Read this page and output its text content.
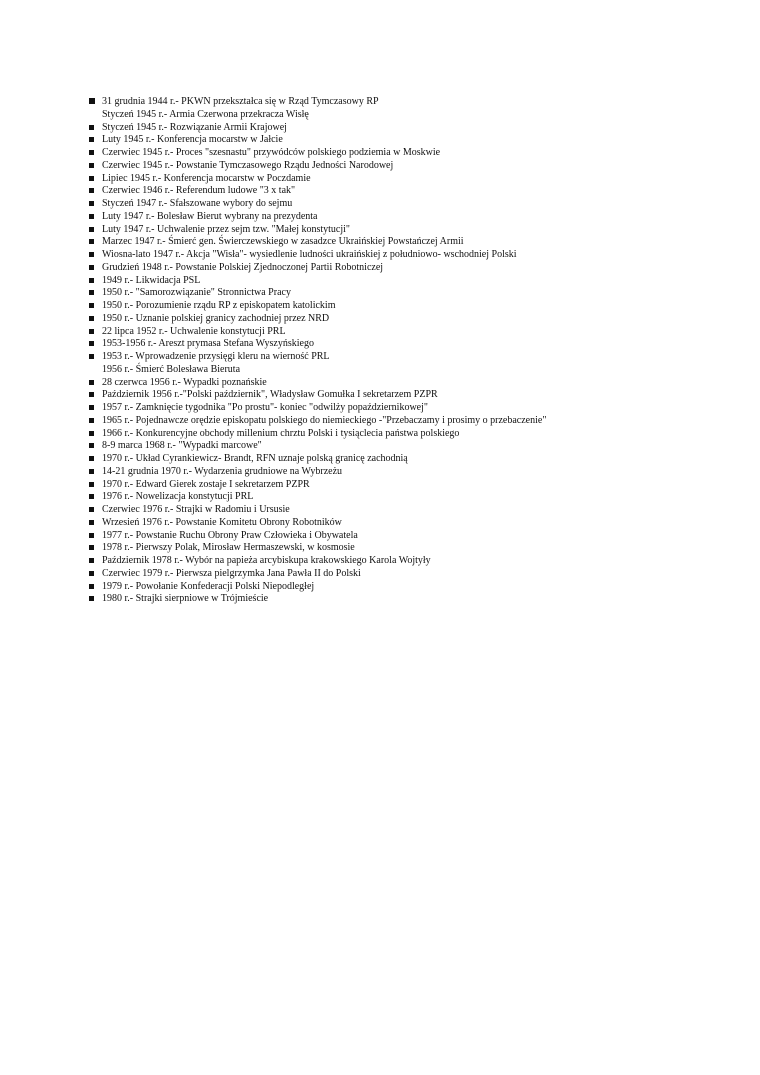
31 grudnia 1944 r.- PKWN przekształca się w Rząd Tymczasowy RP
Styczeń 1945 r.- Armia Czerwona przekracza Wisłę
Styczeń 1945 r.- Rozwiązanie Armii Krajowej
Luty 1945 r.- Konferencja mocarstw w Jałcie
Czerwiec 1945 r.- Proces "szesnastu" przywódców polskiego podziemia w Moskwie
Czerwiec 1945 r.- Powstanie Tymczasowego Rządu Jedności Narodowej
Lipiec 1945 r.- Konferencja mocarstw w Poczdamie
Czerwiec 1946 r.- Referendum ludowe "3 x tak"
Styczeń 1947 r.- Sfałszowane wybory do sejmu
Luty 1947 r.- Bolesław Bierut wybrany na prezydenta
Luty 1947 r.- Uchwalenie przez sejm tzw. "Małej konstytucji"
Marzec 1947 r.- Śmierć gen. Świerczewskiego w zasadzce Ukraińskiej Powstańczej Armii
Wiosna-lato 1947 r.- Akcja "Wisła"- wysiedlenie ludności ukraińskiej z południowo- wschodniej Polski
Grudzień 1948 r.- Powstanie Polskiej Zjednoczonej Partii Robotniczej
1949 r.- Likwidacja PSL
1950 r.- "Samorozwiązanie" Stronnictwa Pracy
1950 r.- Porozumienie rządu RP z episkopatem katolickim
1950 r.- Uznanie polskiej granicy zachodniej przez NRD
22 lipca 1952 r.- Uchwalenie konstytucji PRL
1953-1956 r.- Areszt prymasa Stefana Wyszyńskiego
1953 r.- Wprowadzenie przysięgi kleru na wierność PRL
1956 r.- Śmierć Bolesława Bieruta
28 czerwca 1956 r.- Wypadki poznańskie
Październik 1956 r.-"Polski październik", Władysław Gomułka I sekretarzem PZPR
1957 r.- Zamknięcie tygodnika "Po prostu"- koniec "odwilży popaździernikowej"
1965 r.- Pojednawcze orędzie episkopatu polskiego do niemieckiego -"Przebaczamy i prosimy o przebaczenie"
1966 r.- Konkurencyjne obchody millenium chrztu Polski i tysiąclecia państwa polskiego
8-9 marca 1968 r.- "Wypadki marcowe"
1970 r.- Układ Cyrankiewicz- Brandt, RFN uznaje polską granicę zachodnią
14-21 grudnia 1970 r.- Wydarzenia grudniowe na Wybrzeżu
1970 r.- Edward Gierek zostaje I sekretarzem PZPR
1976 r.- Nowelizacja konstytucji PRL
Czerwiec 1976 r.- Strajki w Radomiu i Ursusie
Wrzesień 1976 r.- Powstanie Komitetu Obrony Robotników
1977 r.- Powstanie Ruchu Obrony Praw Człowieka i Obywatela
1978 r.- Pierwszy Polak, Mirosław Hermaszewski, w kosmosie
Październik 1978 r.- Wybór na papieża arcybiskupa krakowskiego Karola Wojtyły
Czerwiec 1979 r.- Pierwsza pielgrzymka Jana Pawła II do Polski
1979 r.- Powołanie Konfederacji Polski Niepodległej
1980 r.- Strajki sierpniowe w Trójmieście
